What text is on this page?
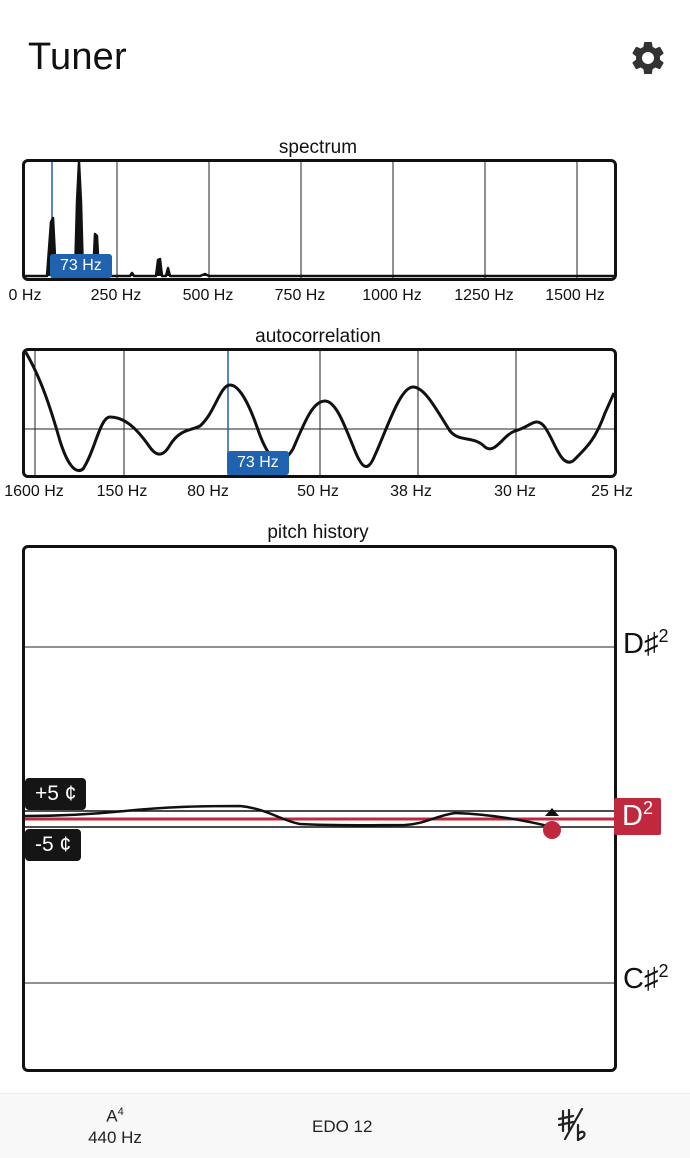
Tuner
spectrum
73 Hz
0 Hz	250 Hz	500 Hz	750 Hz 1000 Hz 1250 Hz 1500 Hz
autocorrelation
73 Hz
1600 Hz 150 Hz 80 Hz	50 Hz	38 Hz	30 Hz	25 Hz
pitch history
+5 ¢
-5 ¢
D♯$^2$
$D^2$
C♯$^2$
$A^4$
440 Hz
EDO 12
